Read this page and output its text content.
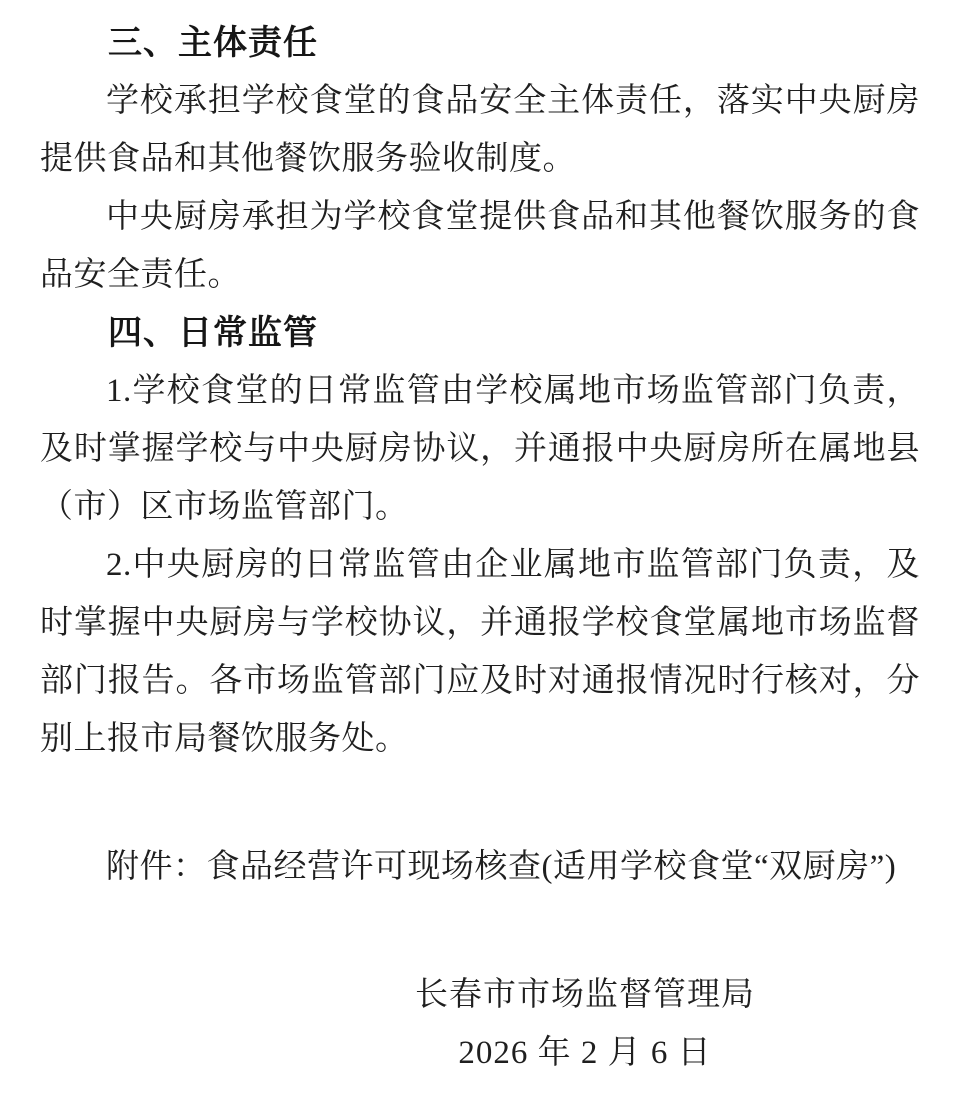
三、主体责任

学校承担学校食堂的食品安全主体责任，落实中央厨房提供食品和其他餐饮服务验收制度。

中央厨房承担为学校食堂提供食品和其他餐饮服务的食品安全责任。

四、日常监管

1.学校食堂的日常监管由学校属地市场监管部门负责，及时掌握学校与中央厨房协议，并通报中央厨房所在属地县（市）区市场监管部门。

2.中央厨房的日常监管由企业属地市监管部门负责，及时掌握中央厨房与学校协议，并通报学校食堂属地市场监督部门报告。各市场监管部门应及时对通报情况时行核对，分别上报市局餐饮服务处。

附件：食品经营许可现场核查(适用学校食堂“双厨房”)

长春市市场监督管理局

2026 年 2 月 6 日
